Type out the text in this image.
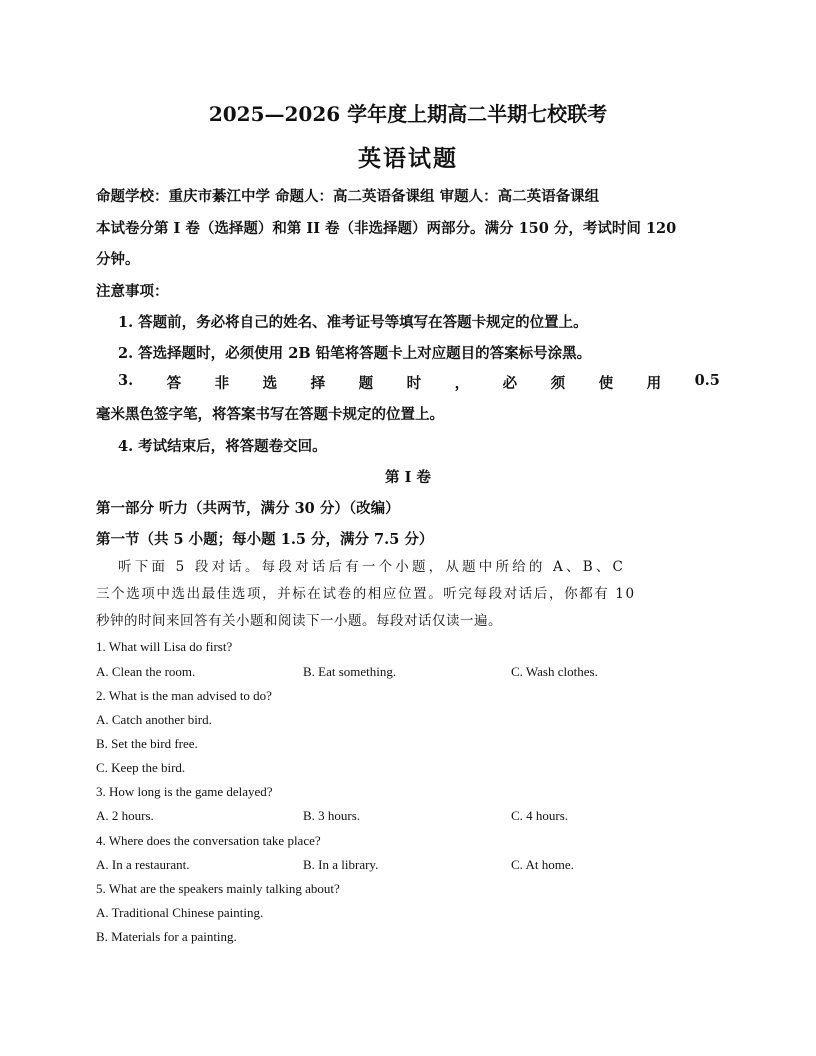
2025—2026 学年度上期高二半期七校联考
英语试题
命题学校：重庆市綦江中学 命题人：高二英语备课组 审题人：高二英语备课组
本试卷分第 I 卷（选择题）和第 II 卷（非选择题）两部分。满分 150 分，考试时间 120
分钟。
注意事项：
1. 答题前，务必将自己的姓名、准考证号等填写在答题卡规定的位置上。
2. 答选择题时，必须使用 2B 铅笔将答题卡上对应题目的答案标号涂黑。
3. 答 非 选 择 题 时 ， 必 须 使 用 0.5
毫米黑色签字笔，将答案书写在答题卡规定的位置上。
4. 考试结束后，将答题卷交回。
第 I 卷
第一部分 听力（共两节，满分 30 分）（改编）
第一节（共 5 小题；每小题 1.5 分，满分 7.5 分）
听下面 5 段对话。每段对话后有一个小题，从题中所给的 A、B、C
三个选项中选出最佳选项，并标在试卷的相应位置。听完每段对话后，你都有 10
秒钟的时间来回答有关小题和阅读下一小题。每段对话仅读一遍。
1. What will Lisa do first?
A. Clean the room.	B. Eat something.	C. Wash clothes.
2. What is the man advised to do?
A. Catch another bird.
B. Set the bird free.
C. Keep the bird.
3. How long is the game delayed?
A. 2 hours.	B. 3 hours.	C. 4 hours.
4. Where does the conversation take place?
A. In a restaurant.	B. In a library.	C. At home.
5. What are the speakers mainly talking about?
A. Traditional Chinese painting.
B. Materials for a painting.
